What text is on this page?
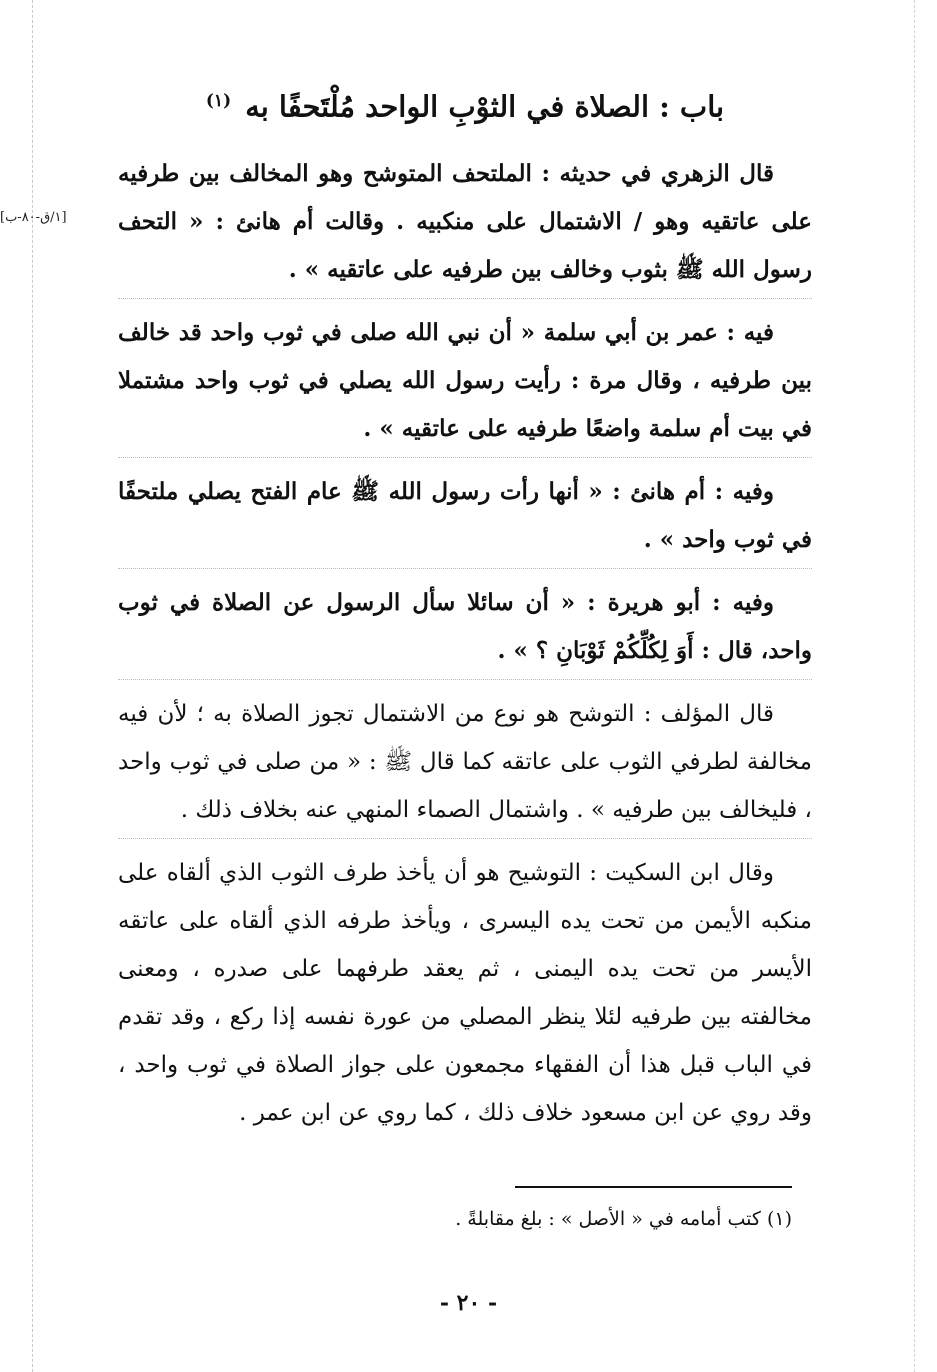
[١/ق-٨٠-ب]
باب : الصلاة في الثوْبِ الواحد مُلْتَحفًا به $^{(١)}$

قال الزهري في حديثه : الملتحف المتوشح وهو المخالف بين طرفيه على عاتقيه وهو / الاشتمال على منكبيه . وقالت أم هانئ : « التحف رسول الله ﷺ بثوب وخالف بين طرفيه على عاتقيه » .

فيه : عمر بن أبي سلمة « أن نبي الله صلى في ثوب واحد قد خالف بين طرفيه ، وقال مرة : رأيت رسول الله يصلي في ثوب واحد مشتملا في بيت أم سلمة واضعًا طرفيه على عاتقيه » .

وفيه : أم هانئ : « أنها رأت رسول الله ﷺ عام الفتح يصلي ملتحفًا في ثوب واحد » .

وفيه : أبو هريرة : « أن سائلا سأل الرسول عن الصلاة في ثوب واحد، قال : أَوَ لِكُلِّكُمْ ثَوْبَانِ ؟ » .

قال المؤلف : التوشح هو نوع من الاشتمال تجوز الصلاة به ؛ لأن فيه مخالفة لطرفي الثوب على عاتقه كما قال ﷺ : « من صلى في ثوب واحد ، فليخالف بين طرفيه » . واشتمال الصماء المنهي عنه بخلاف ذلك .

وقال ابن السكيت : التوشيح هو أن يأخذ طرف الثوب الذي ألقاه على منكبه الأيمن من تحت يده اليسرى ، ويأخذ طرفه الذي ألقاه على عاتقه الأيسر من تحت يده اليمنى ، ثم يعقد طرفهما على صدره ، ومعنى مخالفته بين طرفيه لئلا ينظر المصلي من عورة نفسه إذا ركع ، وقد تقدم في الباب قبل هذا أن الفقهاء مجمعون على جواز الصلاة في ثوب واحد ، وقد روي عن ابن مسعود خلاف ذلك ، كما روي عن ابن عمر .

(١) كتب أمامه في « الأصل » : بلغ مقابلةً .
- ٢٠ -
